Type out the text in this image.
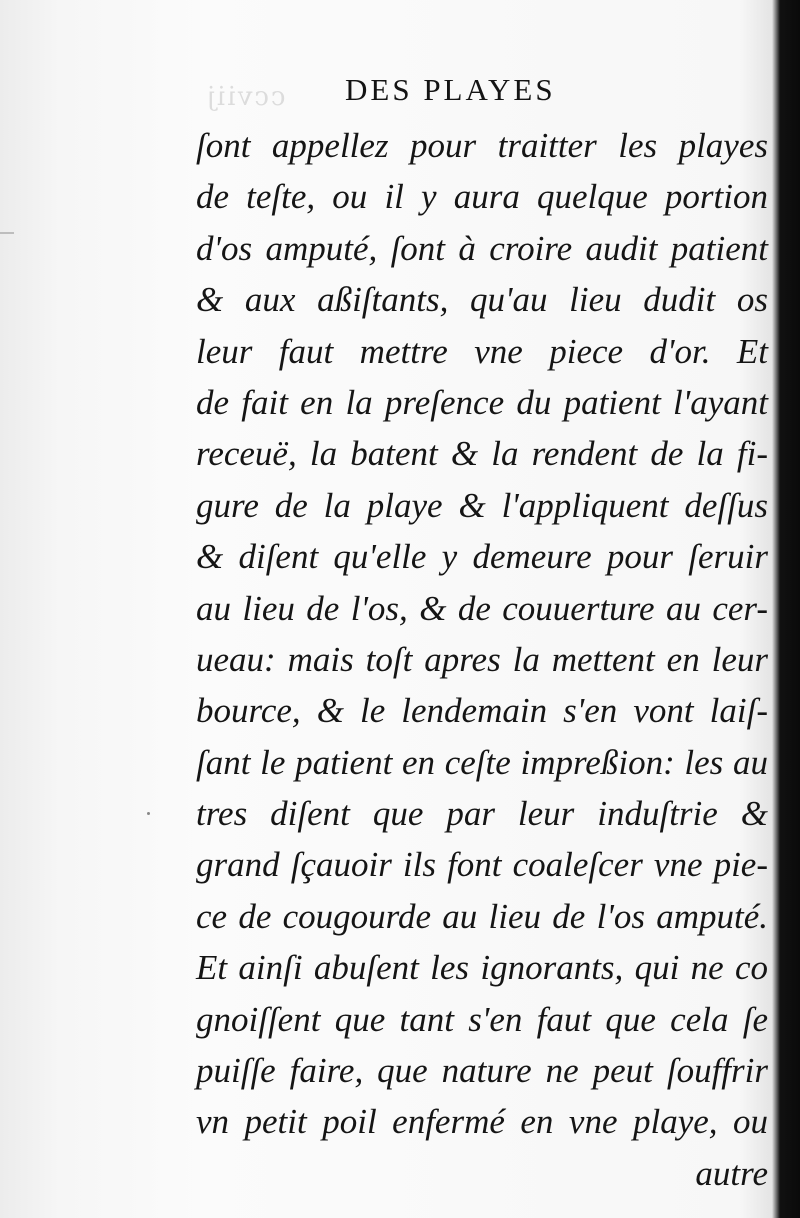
ccviij DES PLAYES
ſont appellez pour traitter les playes
de teſte, ou il y aura quelque portion
d'os amputé, ſont à croire audit patient
& aux aßiſtants, qu'au lieu dudit os
leur faut mettre vne piece d'or. Et
de fait en la preſence du patient l'ayant
receuë, la batent & la rendent de la fi-
gure de la playe & l'appliquent deſſus
& diſent qu'elle y demeure pour ſeruir
au lieu de l'os, & de couuerture au cer-
ueau: mais toſt apres la mettent en leur
bource, & le lendemain s'en vont laiſ-
ſant le patient en ceſte impreßion: les au
tres diſent que par leur induſtrie &
grand ſçauoir ils font coaleſcer vne pie-
ce de cougourde au lieu de l'os amputé.
Et ainſi abuſent les ignorants, qui ne co
gnoiſſent que tant s'en faut que cela ſe
puiſſe faire, que nature ne peut ſouffrir
vn petit poil enfermé en vne playe, ou
autre
